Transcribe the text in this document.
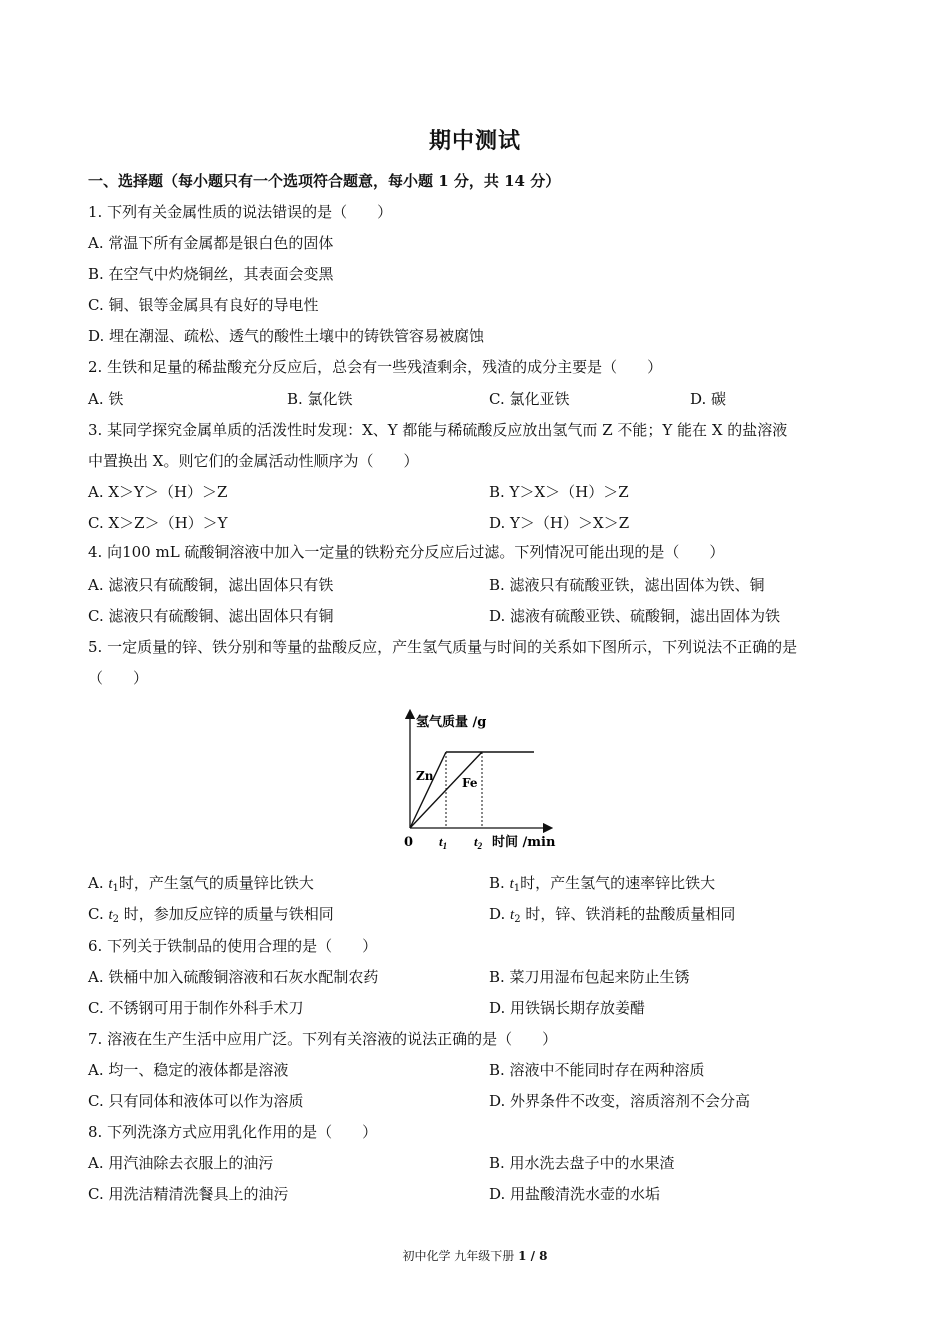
期中测试
一、选择题（每小题只有一个选项符合题意，每小题 1 分，共 14 分）
1. 下列有关金属性质的说法错误的是（　　）
A. 常温下所有金属都是银白色的固体
B. 在空气中灼烧铜丝，其表面会变黑
C. 铜、银等金属具有良好的导电性
D. 埋在潮湿、疏松、透气的酸性土壤中的铸铁管容易被腐蚀
2. 生铁和足量的稀盐酸充分反应后，总会有一些残渣剩余，残渣的成分主要是（　　）
A. 铁	B. 氯化铁	C. 氯化亚铁	D. 碳
3. 某同学探究金属单质的活泼性时发现：X、Y 都能与稀硫酸反应放出氢气而 Z 不能；Y 能在 X 的盐溶液
中置换出 X。则它们的金属活动性顺序为（　　）
A. X＞Y＞（H）＞Z	B. Y＞X＞（H）＞Z
C. X＞Z＞（H）＞Y	D. Y＞（H）＞X＞Z
4. 向100 mL 硫酸铜溶液中加入一定量的铁粉充分反应后过滤。下列情况可能出现的是（　　）
A. 滤液只有硫酸铜，滤出固体只有铁	B. 滤液只有硫酸亚铁，滤出固体为铁、铜
C. 滤液只有硫酸铜、滤出固体只有铜	D. 滤液有硫酸亚铁、硫酸铜，滤出固体为铁
5. 一定质量的锌、铁分别和等量的盐酸反应，产生氢气质量与时间的关系如下图所示，下列说法不正确的是
（　　）
氢气质量 /g
Zn Fe
0 $t_1$ $t_2$ 时间 /min
A. $t_1$时，产生氢气的质量锌比铁大	B. $t_1$时，产生氢气的速率锌比铁大
C. $t_2$ 时，参加反应锌的质量与铁相同	D. $t_2$ 时，锌、铁消耗的盐酸质量相同
6. 下列关于铁制品的使用合理的是（　　）
A. 铁桶中加入硫酸铜溶液和石灰水配制农药	B. 菜刀用湿布包起来防止生锈
C. 不锈钢可用于制作外科手术刀	D. 用铁锅长期存放姜醋
7. 溶液在生产生活中应用广泛。下列有关溶液的说法正确的是（　　）
A. 均一、稳定的液体都是溶液	B. 溶液中不能同时存在两种溶质
C. 只有同体和液体可以作为溶质	D. 外界条件不改变，溶质溶剂不会分高
8. 下列洗涤方式应用乳化作用的是（　　）
A. 用汽油除去衣服上的油污	B. 用水洗去盘子中的水果渣
C. 用洗洁精清洗餐具上的油污	D. 用盐酸清洗水壶的水垢
初中化学 九年级下册 1 / 8
